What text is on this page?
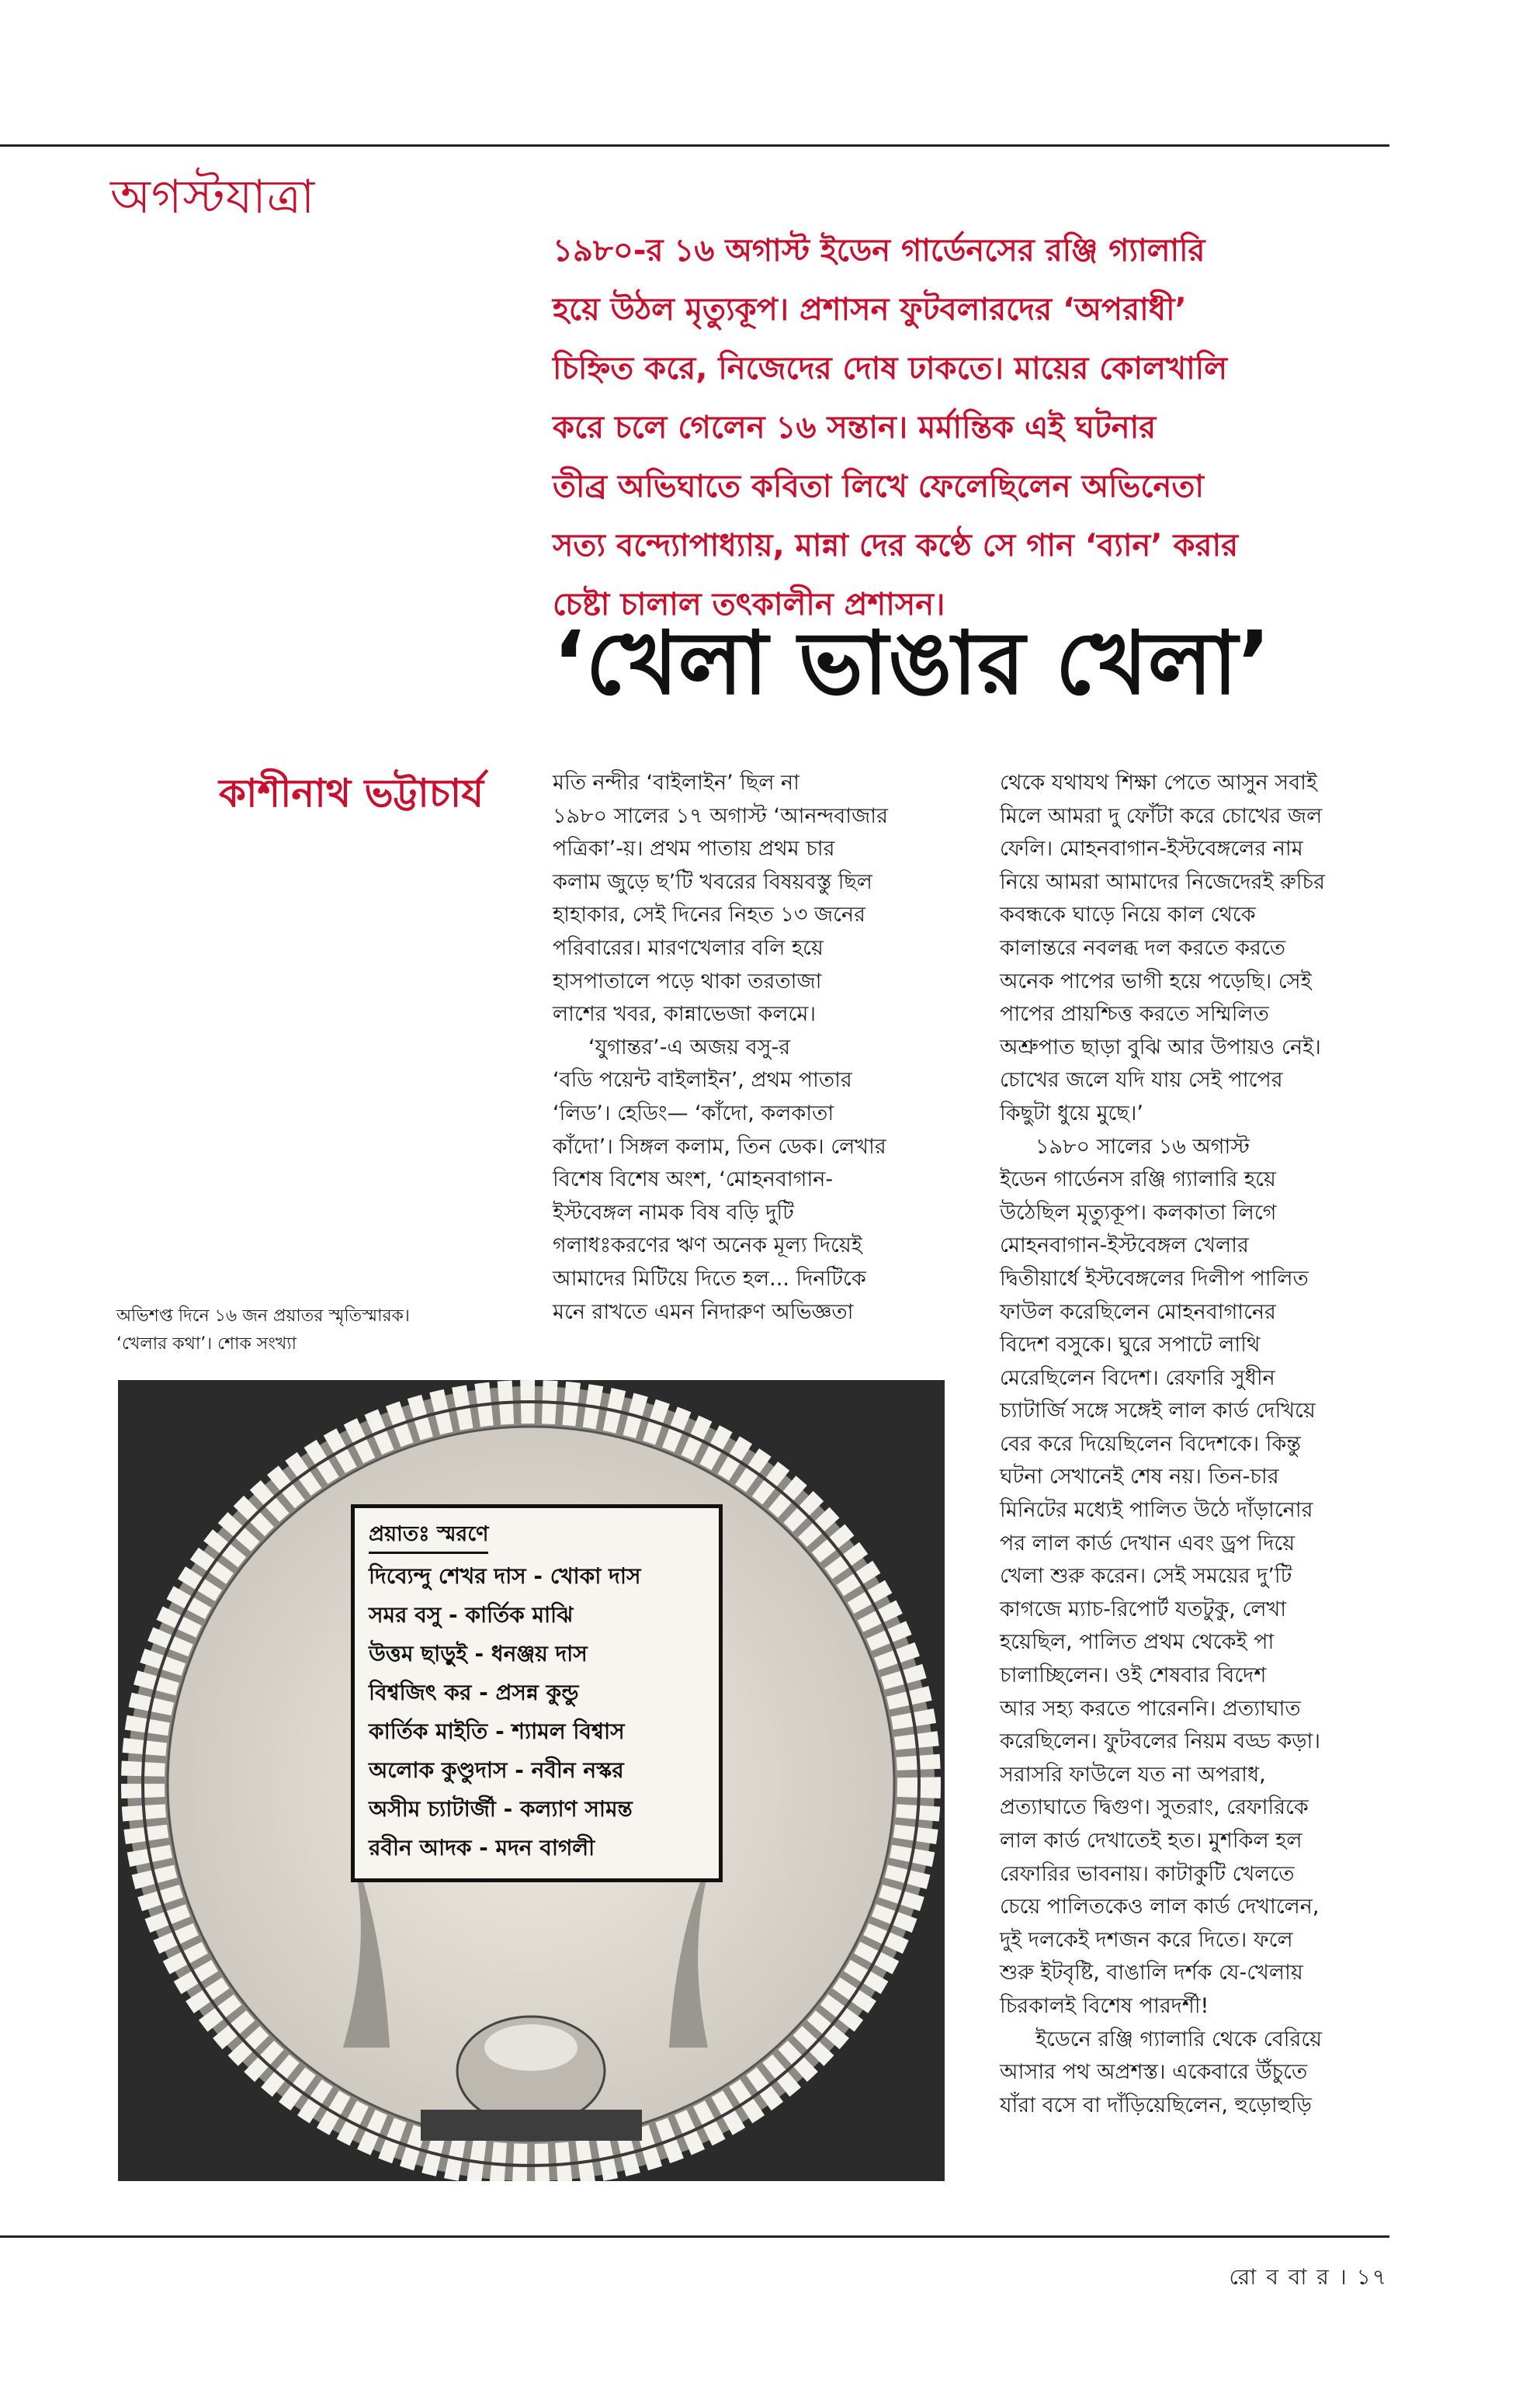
অগস্টযাত্রা
১৯৮০-র ১৬ অগাস্ট ইডেন গার্ডেনসের রঞ্জি গ্যালারি
হয়ে উঠল মৃত্যুকূপ। প্রশাসন ফুটবলারদের ‘অপরাধী’
চিহ্নিত করে, নিজেদের দোষ ঢাকতে। মায়ের কোলখালি
করে চলে গেলেন ১৬ সন্তান। মর্মান্তিক এই ঘটনার
তীব্র অভিঘাতে কবিতা লিখে ফেলেছিলেন অভিনেতা
সত্য বন্দ্যোপাধ্যায়, মান্না দের কণ্ঠে সে গান ‘ব্যান’ করার
চেষ্টা চালাল তৎকালীন প্রশাসন।
‘খেলা ভাঙার খেলা’
কাশীনাথ ভট্টাচার্য	মতি নন্দীর ‘বাইলাইন’ ছিল না
১৯৮০ সালের ১৭ অগাস্ট ‘আনন্দবাজার
পত্রিকা’-য়। প্রথম পাতায় প্রথম চার
কলাম জুড়ে ছ’টি খবরের বিষয়বস্তু ছিল
হাহাকার, সেই দিনের নিহত ১৩ জনের
পরিবারের। মারণখেলার বলি হয়ে
হাসপাতালে পড়ে থাকা তরতাজা
লাশের খবর, কান্নাভেজা কলমে।
‘যুগান্তর’-এ অজয় বসু-র
‘বডি পয়েন্ট বাইলাইন’, প্রথম পাতার
‘লিড’। হেডিং— ‘কাঁদো, কলকাতা
কাঁদো’। সিঙ্গল কলাম, তিন ডেক। লেখার
বিশেষ বিশেষ অংশ, ‘মোহনবাগান-
ইস্টবেঙ্গল নামক বিষ বড়ি দুটি
গলাধঃকরণের ঋণ অনেক মূল্য দিয়েই
আমাদের মিটিয়ে দিতে হল... দিনটিকে
মনে রাখতে এমন নিদারুণ অভিজ্ঞতা
থেকে যথাযথ শিক্ষা পেতে আসুন সবাই
মিলে আমরা দু ফোঁটা করে চোখের জল
ফেলি। মোহনবাগান-ইস্টবেঙ্গলের নাম
নিয়ে আমরা আমাদের নিজেদেরই রুচির
কবন্ধকে ঘাড়ে নিয়ে কাল থেকে
কালান্তরে নবলব্ধ দল করতে করতে
অনেক পাপের ভাগী হয়ে পড়েছি। সেই
পাপের প্রায়শ্চিত্ত করতে সম্মিলিত
অশ্রুপাত ছাড়া বুঝি আর উপায়ও নেই।
চোখের জলে যদি যায় সেই পাপের
কিছুটা ধুয়ে মুছে।’
১৯৮০ সালের ১৬ অগাস্ট
ইডেন গার্ডেনস রঞ্জি গ্যালারি হয়ে
উঠেছিল মৃত্যুকূপ। কলকাতা লিগে
মোহনবাগান-ইস্টবেঙ্গল খেলার
দ্বিতীয়ার্ধে ইস্টবেঙ্গলের দিলীপ পালিত
ফাউল করেছিলেন মোহনবাগানের
বিদেশ বসুকে। ঘুরে সপাটে লাথি
মেরেছিলেন বিদেশ। রেফারি সুধীন
চ্যাটার্জি সঙ্গে সঙ্গেই লাল কার্ড দেখিয়ে
বের করে দিয়েছিলেন বিদেশকে। কিন্তু
ঘটনা সেখানেই শেষ নয়। তিন-চার
মিনিটের মধ্যেই পালিত উঠে দাঁড়ানোর
পর লাল কার্ড দেখান এবং ড্রপ দিয়ে
খেলা শুরু করেন। সেই সময়ের দু’টি
কাগজে ম্যাচ-রিপোর্ট যতটুকু, লেখা
হয়েছিল, পালিত প্রথম থেকেই পা
চালাচ্ছিলেন। ওই শেষবার বিদেশ
আর সহ্য করতে পারেননি। প্রত্যাঘাত
করেছিলেন। ফুটবলের নিয়ম বড্ড কড়া।
সরাসরি ফাউলে যত না অপরাধ,
প্রত্যাঘাতে দ্বিগুণ। সুতরাং, রেফারিকে
লাল কার্ড দেখাতেই হত। মুশকিল হল
রেফারির ভাবনায়। কাটাকুটি খেলতে
চেয়ে পালিতকেও লাল কার্ড দেখালেন,
দুই দলকেই দশজন করে দিতে। ফলে
শুরু ইটবৃষ্টি, বাঙালি দর্শক যে-খেলায়
চিরকালই বিশেষ পারদর্শী!
ইডেনে রঞ্জি গ্যালারি থেকে বেরিয়ে
আসার পথ অপ্রশস্ত। একেবারে উঁচুতে
যাঁরা বসে বা দাঁড়িয়েছিলেন, হুড়োহুড়ি
অভিশপ্ত দিনে ১৬ জন প্রয়াতর স্মৃতিস্মারক।
‘খেলার কথা’। শোক সংখ্যা
প্রয়াতঃ স্মরণে
দিব্যেন্দু শেখর দাস - খোকা দাস
সমর বসু - কার্তিক মাঝি
উত্তম ছাড়ুই - ধনঞ্জয় দাস
বিশ্বজিৎ কর - প্রসন্ন কুন্ডু
কার্তিক মাইতি - শ্যামল বিশ্বাস
অলোক কুণ্ডুদাস - নবীন নস্কর
অসীম চ্যাটার্জী - কল্যাণ সামন্ত
রবীন আদক - মদন বাগলী
রো ব বা র । ১৭
